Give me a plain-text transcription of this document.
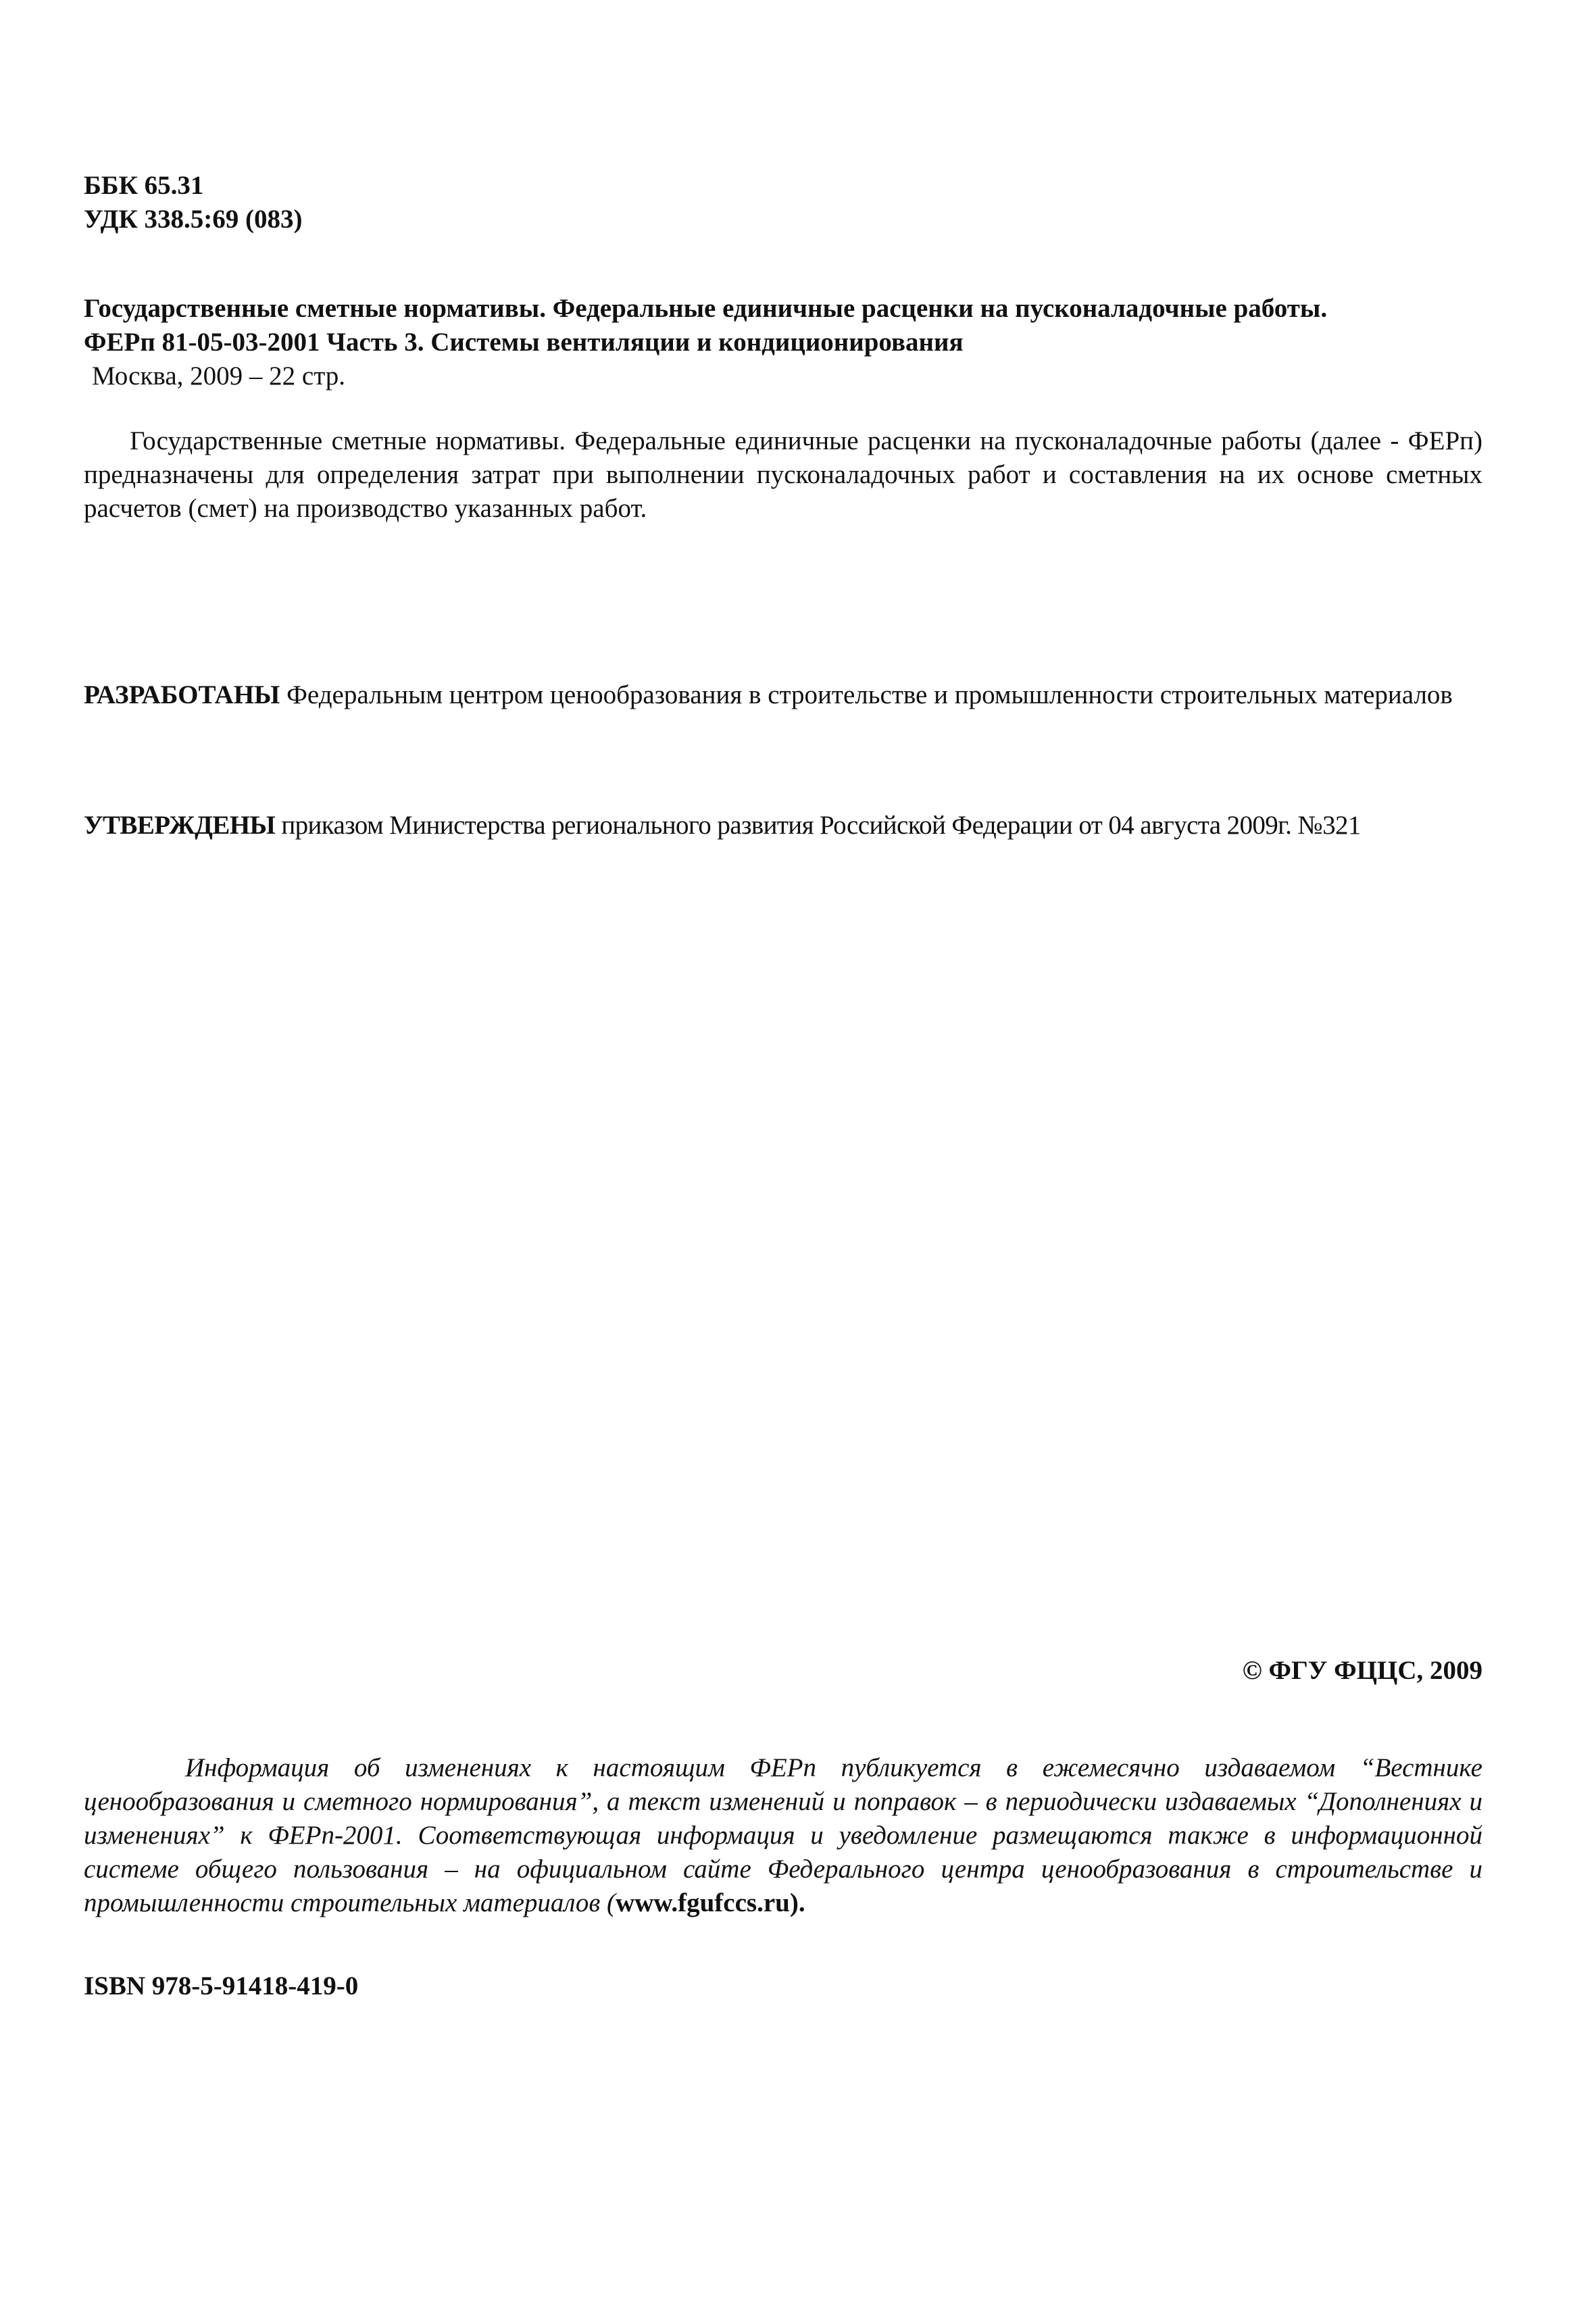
ББК 65.31
УДК 338.5:69 (083)
Государственные сметные нормативы. Федеральные единичные расценки на пусконаладочные работы.
ФЕРп 81-05-03-2001 Часть 3. Системы вентиляции и кондиционирования
Москва, 2009 – 22 стр.
Государственные сметные нормативы. Федеральные единичные расценки на пусконаладочные работы (далее - ФЕРп) предназначены для определения затрат при выполнении пусконаладочных работ и составления на их основе сметных расчетов (смет) на производство указанных работ.
РАЗРАБОТАНЫ Федеральным центром ценообразования в строительстве и промышленности строительных материалов
УТВЕРЖДЕНЫ приказом Министерства регионального развития Российской Федерации от 04 августа 2009г. №321
© ФГУ ФЦЦС, 2009
Информация об изменениях к настоящим ФЕРп публикуется в ежемесячно издаваемом “Вестнике ценообразования и сметного нормирования”, а текст изменений и поправок – в периодически издаваемых “Дополнениях и изменениях” к ФЕРп-2001. Соответствующая информация и уведомление размещаются также в информационной системе общего пользования – на официальном сайте Федерального центра ценообразования в строительстве и промышленности строительных материалов (www.fgufccs.ru).
ISBN 978-5-91418-419-0
